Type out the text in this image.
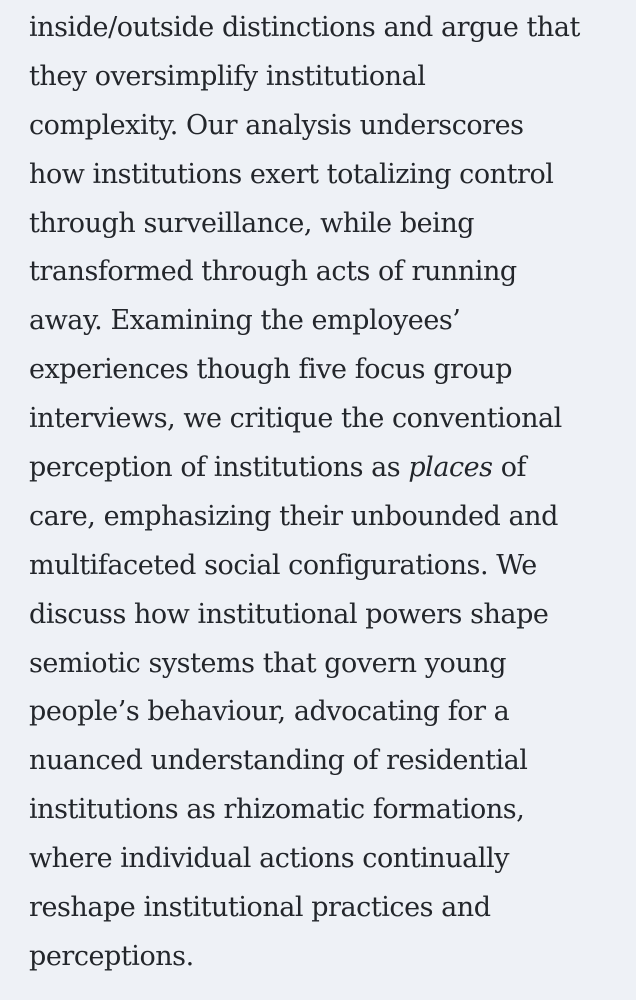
inside/outside distinctions and argue that
they oversimplify institutional
complexity. Our analysis underscores
how institutions exert totalizing control
through surveillance, while being
transformed through acts of running
away. Examining the employees’
experiences though five focus group
interviews, we critique the conventional
perception of institutions as places of
care, emphasizing their unbounded and
multifaceted social configurations. We
discuss how institutional powers shape
semiotic systems that govern young
people’s behaviour, advocating for a
nuanced understanding of residential
institutions as rhizomatic formations,
where individual actions continually
reshape institutional practices and
perceptions.
